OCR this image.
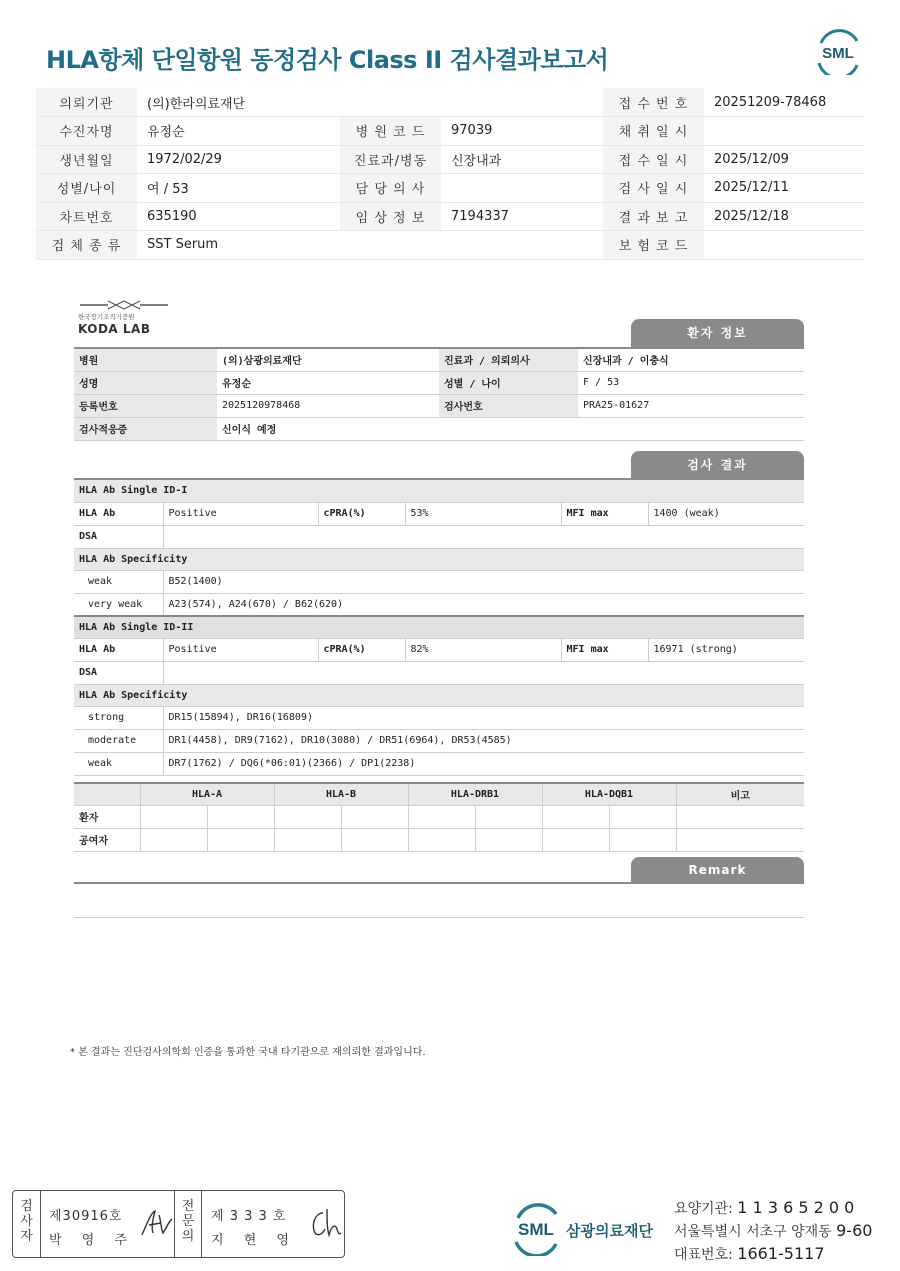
HLA항체 단일항원 동정검사 Class II 검사결과보고서	SML
의뢰기관	(의)한라의료재단			접 수 번 호	20251209-78468
수진자명	유정순	병 원 코 드	97039	채 취 일 시	
생년월일	1972/02/29	진료과/병동	신장내과	접 수 일 시	2025/12/09
성별/나이	여 / 53	담 당 의 사		검 사 일 시	2025/12/11
차트번호	635190	임 상 정 보	7194337	결 과 보 고	2025/12/18
검 체 종 류	SST Serum			보 험 코 드	
한국장기조직기증원
KODA LAB	환자 정보
병원	(의)삼광의료재단	진료과 / 의뢰의사	신장내과 / 이충식
성명	유정순	성별 / 나이	F / 53
등록번호	2025120978468	검사번호	PRA25-01627
검사적응증	신이식 예정		
검사 결과
HLA Ab Single ID-I					
HLA Ab	Positive	cPRA(%)	53%	MFI max	1400 (weak)
DSA					
HLA Ab Specificity					
weak	B52(1400)				
very weak	A23(574), A24(670) / B62(620)				
HLA Ab Single ID-II					
HLA Ab	Positive	cPRA(%)	82%	MFI max	16971 (strong)
DSA					
HLA Ab Specificity					
strong	DR15(15894), DR16(16809)				
moderate	DR1(4458), DR9(7162), DR10(3080) / DR51(6964), DR53(4585)				
weak	DR7(1762) / DQ6(*06:01)(2366) / DP1(2238)				
	HLA-A		HLA-B		HLA-DRB1		HLA-DQB1		비고
환자									
공여자									
Remark
* 본 결과는 진단검사의학회 인증을 통과한 국내 타기관으로 재의뢰한 결과입니다.
검
사
자
제30916호
박 영 주
전
문
의
제 3 3 3 호
지 현 영
SML 삼광의료재단
요양기관: 1 1 3 6 5 2 0 0
서울특별시 서초구 양재동 9-60
대표번호: 1661-5117
